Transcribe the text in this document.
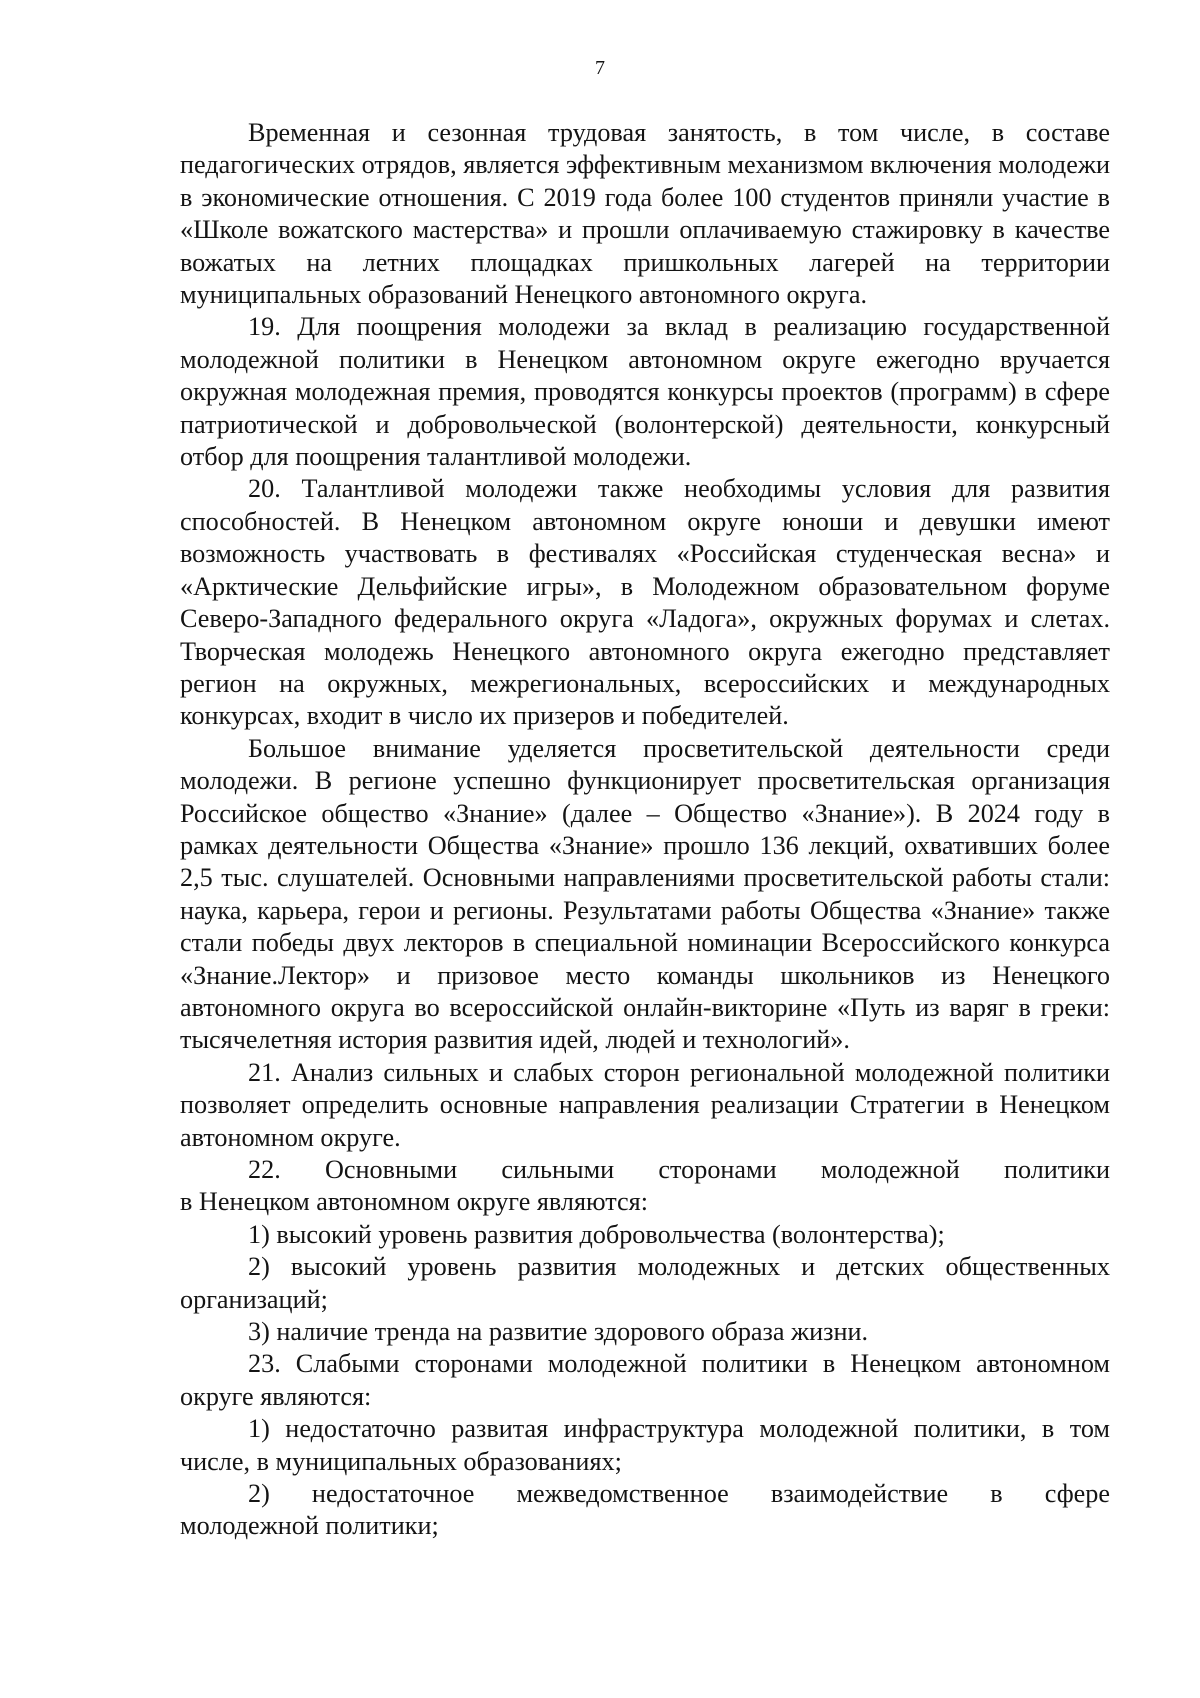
7

Временная и сезонная трудовая занятость, в том числе, в составе педагогических отрядов, является эффективным механизмом включения молодежи в экономические отношения. С 2019 года более 100 студентов приняли участие в «Школе вожатского мастерства» и прошли оплачиваемую стажировку в качестве вожатых на летних площадках пришкольных лагерей на территории муниципальных образований Ненецкого автономного округа.

19. Для поощрения молодежи за вклад в реализацию государственной молодежной политики в Ненецком автономном округе ежегодно вручается окружная молодежная премия, проводятся конкурсы проектов (программ) в сфере патриотической и добровольческой (волонтерской) деятельности, конкурсный отбор для поощрения талантливой молодежи.

20. Талантливой молодежи также необходимы условия для развития способностей. В Ненецком автономном округе юноши и девушки имеют возможность участвовать в фестивалях «Российская студенческая весна» и «Арктические Дельфийские игры», в Молодежном образовательном форуме Северо-Западного федерального округа «Ладога», окружных форумах и слетах. Творческая молодежь Ненецкого автономного округа ежегодно представляет регион на окружных, межрегиональных, всероссийских и международных конкурсах, входит в число их призеров и победителей.

Большое внимание уделяется просветительской деятельности среди молодежи. В регионе успешно функционирует просветительская организация Российское общество «Знание» (далее – Общество «Знание»). В 2024 году в рамках деятельности Общества «Знание» прошло 136 лекций, охвативших более 2,5 тыс. слушателей. Основными направлениями просветительской работы стали: наука, карьера, герои и регионы. Результатами работы Общества «Знание» также стали победы двух лекторов в специальной номинации Всероссийского конкурса «Знание.Лектор» и призовое место команды школьников из Ненецкого автономного округа во всероссийской онлайн-викторине «Путь из варяг в греки: тысячелетняя история развития идей, людей и технологий».

21. Анализ сильных и слабых сторон региональной молодежной политики позволяет определить основные направления реализации Стратегии в Ненецком автономном округе.

22. Основными сильными сторонами молодежной политики

в Ненецком автономном округе являются:

1) высокий уровень развития добровольчества (волонтерства);

2) высокий уровень развития молодежных и детских общественных организаций;

3) наличие тренда на развитие здорового образа жизни.

23. Слабыми сторонами молодежной политики в Ненецком автономном округе являются:

1) недостаточно развитая инфраструктура молодежной политики, в том числе, в муниципальных образованиях;

2) недостаточное межведомственное взаимодействие в сфере

молодежной политики;
